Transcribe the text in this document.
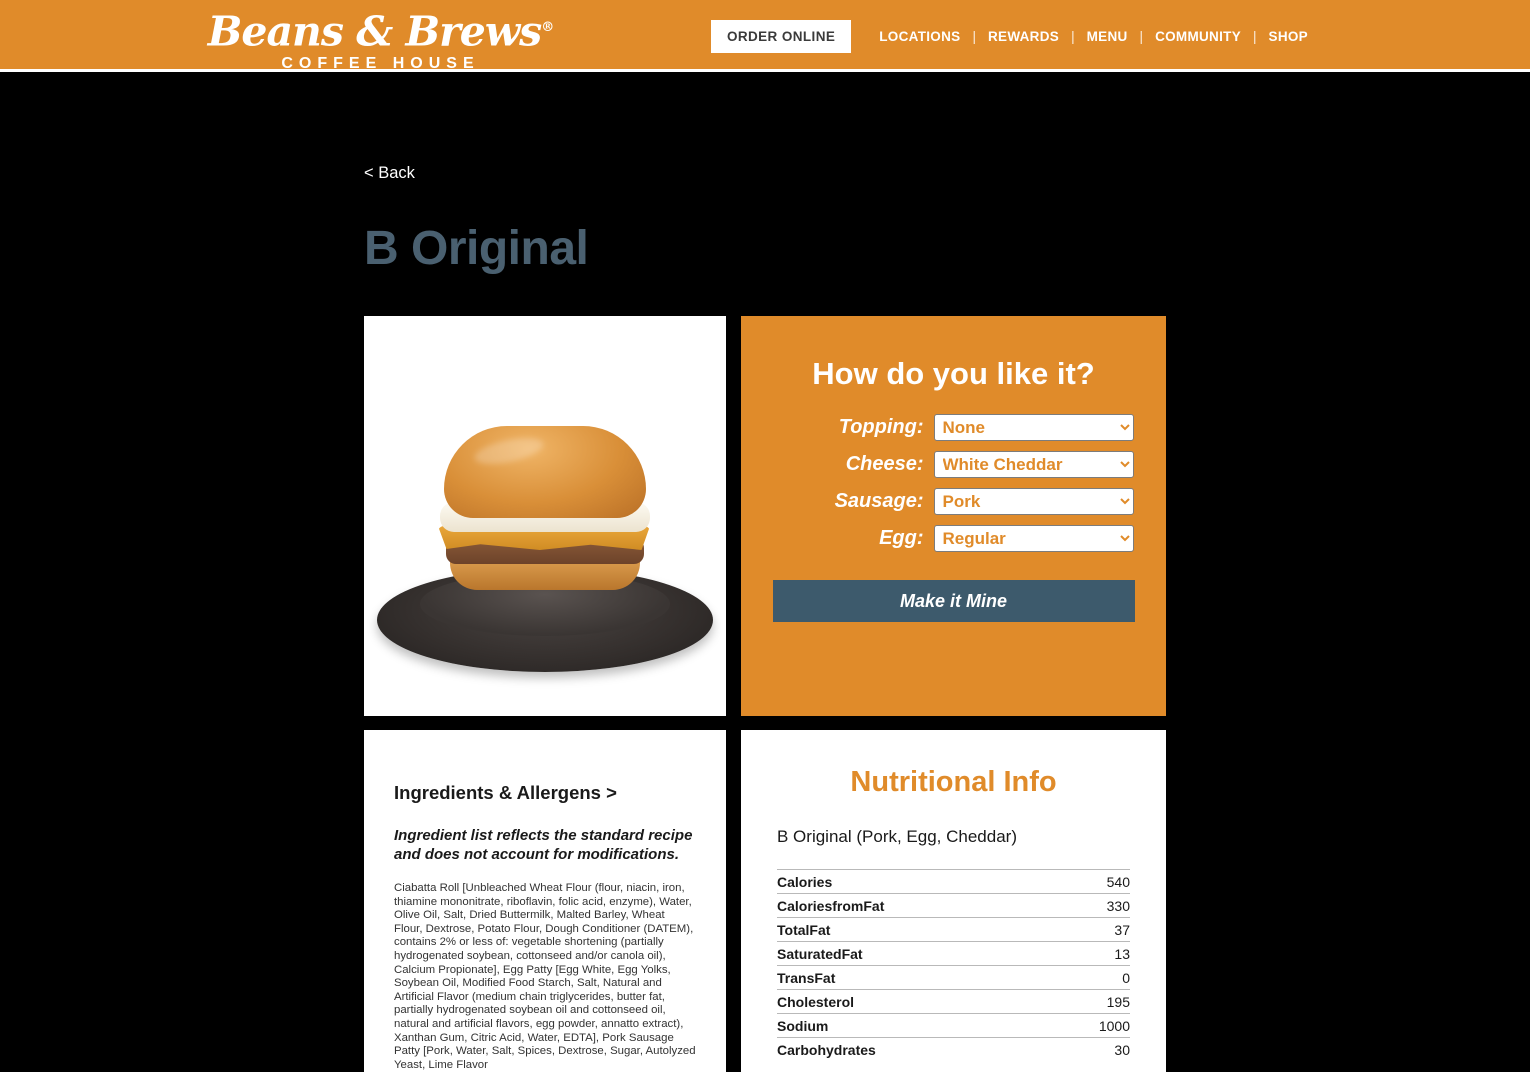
Beans & Brews®
COFFEE HOUSE
ORDER ONLINE	LOCATIONS | REWARDS | MENU | COMMUNITY | SHOP
< Back
B Original
How do you like it?
Topping:
None
Cheese:
White Cheddar
Sausage:
Pork
Egg:
Regular
Make it Mine
Ingredients & Allergens >
Ingredient list reflects the standard recipe and does not account for modifications.
Ciabatta Roll [Unbleached Wheat Flour (flour, niacin, iron, thiamine mononitrate, riboflavin, folic acid, enzyme), Water, Olive Oil, Salt, Dried Buttermilk, Malted Barley, Wheat Flour, Dextrose, Potato Flour, Dough Conditioner (DATEM), contains 2% or less of: vegetable shortening (partially hydrogenated soybean, cottonseed and/or canola oil), Calcium Propionate], Egg Patty [Egg White, Egg Yolks, Soybean Oil, Modified Food Starch, Salt, Natural and Artificial Flavor (medium chain triglycerides, butter fat, partially hydrogenated soybean oil and cottonseed oil, natural and artificial flavors, egg powder, annatto extract), Xanthan Gum, Citric Acid, Water, EDTA], Pork Sausage Patty [Pork, Water, Salt, Spices, Dextrose, Sugar, Autolyzed Yeast, Lime Flavor
Nutritional Info
B Original (Pork, Egg, Cheddar)
Calories	540
CaloriesfromFat	330
TotalFat	37
SaturatedFat	13
TransFat	0
Cholesterol	195
Sodium	1000
Carbohydrates	30
